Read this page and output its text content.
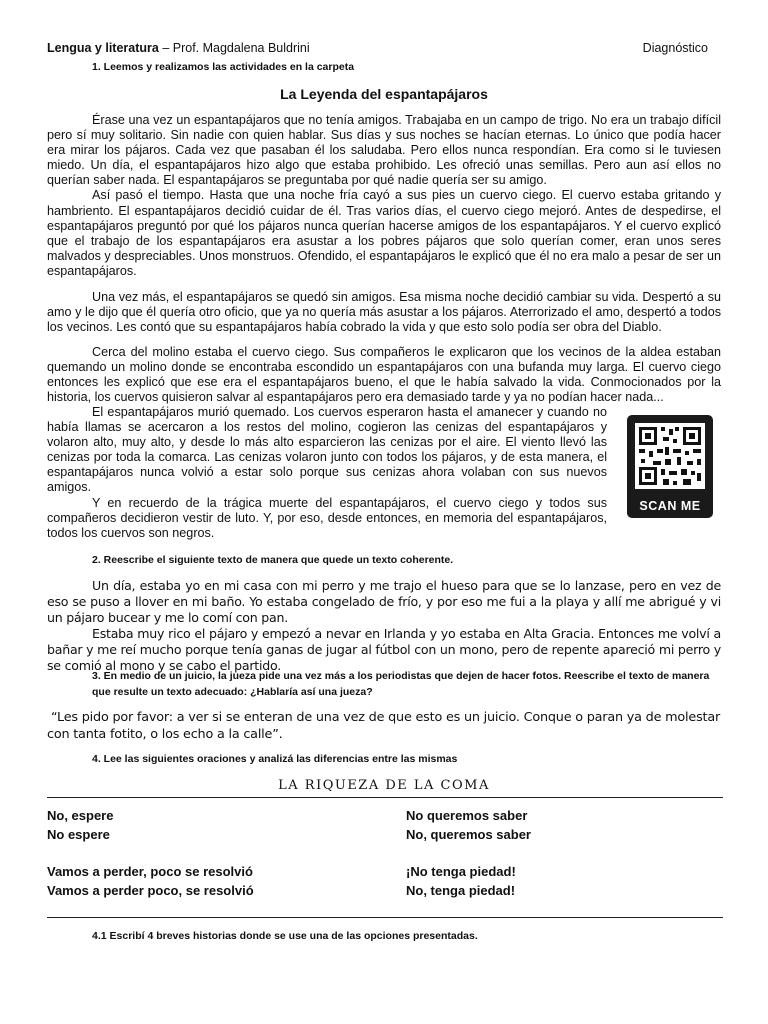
Lengua y literatura – Prof. Magdalena Buldrini	Diagnóstico
1. Leemos y realizamos las actividades en la carpeta
La Leyenda del espantapájaros

Érase una vez un espantapájaros que no tenía amigos. Trabajaba en un campo de trigo. No era un trabajo difícil pero sí muy solitario. Sin nadie con quien hablar. Sus días y sus noches se hacían eternas. Lo único que podía hacer era mirar los pájaros. Cada vez que pasaban él los saludaba. Pero ellos nunca respondían. Era como si le tuviesen miedo. Un día, el espantapájaros hizo algo que estaba prohibido. Les ofreció unas semillas. Pero aun así ellos no querían saber nada. El espantapájaros se preguntaba por qué nadie quería ser su amigo.

Así pasó el tiempo. Hasta que una noche fría cayó a sus pies un cuervo ciego. El cuervo estaba gritando y hambriento. El espantapájaros decidió cuidar de él. Tras varios días, el cuervo ciego mejoró. Antes de despedirse, el espantapájaros preguntó por qué los pájaros nunca querían hacerse amigos de los espantapájaros. Y el cuervo explicó que el trabajo de los espantapájaros era asustar a los pobres pájaros que solo querían comer, eran unos seres malvados y despreciables. Unos monstruos. Ofendido, el espantapájaros le explicó que él no era malo a pesar de ser un espantapájaros.

Una vez más, el espantapájaros se quedó sin amigos. Esa misma noche decidió cambiar su vida. Despertó a su amo y le dijo que él quería otro oficio, que ya no quería más asustar a los pájaros. Aterrorizado el amo, despertó a todos los vecinos. Les contó que su espantapájaros había cobrado la vida y que esto solo podía ser obra del Diablo.

Cerca del molino estaba el cuervo ciego. Sus compañeros le explicaron que los vecinos de la aldea estaban quemando un molino donde se encontraba escondido un espantapájaros con una bufanda muy larga. El cuervo ciego entonces les explicó que ese era el espantapájaros bueno, el que le había salvado la vida. Conmocionados por la historia, los cuervos quisieron salvar al espantapájaros pero era demasiado tarde y ya no podían hacer nada...

El espantapájaros murió quemado. Los cuervos esperaron hasta el amanecer y cuando no había llamas se acercaron a los restos del molino, cogieron las cenizas del espantapájaros y volaron alto, muy alto, y desde lo más alto esparcieron las cenizas por el aire. El viento llevó las cenizas por toda la comarca. Las cenizas volaron junto con todos los pájaros, y de esta manera, el espantapájaros nunca volvió a estar solo porque sus cenizas ahora volaban con sus nuevos amigos.

Y en recuerdo de la trágica muerte del espantapájaros, el cuervo ciego y todos sus compañeros decidieron vestir de luto. Y, por eso, desde entonces, en memoria del espantapájaros, todos los cuervos son negros.

SCAN ME
2. Reescribe el siguiente texto de manera que quede un texto coherente.

Un día, estaba yo en mi casa con mi perro y me trajo el hueso para que se lo lanzase, pero en vez de eso se puso a llover en mi baño. Yo estaba congelado de frío, y por eso me fui a la playa y allí me abrigué y vi un pájaro bucear y me lo comí con pan.

Estaba muy rico el pájaro y empezó a nevar en Irlanda y yo estaba en Alta Gracia. Entonces me volví a bañar y me reí mucho porque tenía ganas de jugar al fútbol con un mono, pero de repente apareció mi perro y se comió al mono y se cabo el partido.

3. En medio de un juicio, la jueza pide una vez más a los periodistas que dejen de hacer fotos. Reescribe el texto de manera que resulte un texto adecuado: ¿Hablaría así una jueza?
“Les pido por favor: a ver si se enteran de una vez de que esto es un juicio. Conque o paran ya de molestar con tanta fotito, o los echo a la calle”.
4. Lee las siguientes oraciones y analizá las diferencias entre las mismas
LA RIQUEZA DE LA COMA
No, espere
No espere
No queremos saber
No, queremos saber
Vamos a perder, poco se resolvió
Vamos a perder poco, se resolvió
¡No tenga piedad!
No, tenga piedad!
4.1 Escribí 4 breves historias donde se use una de las opciones presentadas.
